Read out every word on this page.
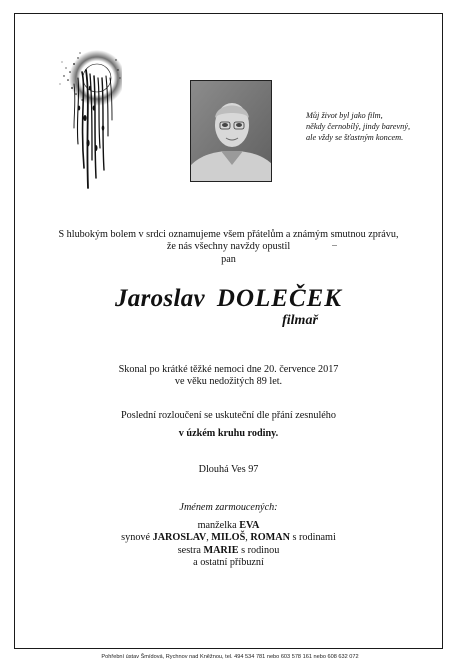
Můj život byl jako film,
někdy černobílý, jindy barevný,
ale vždy se šťastným koncem.
S hlubokým bolem v srdci oznamujeme všem přátelům a známým smutnou zprávu,
že nás všechny navždy opustil
pan
Jaroslav DOLEČEK
filmař
Skonal po krátké těžké nemoci dne 20. července 2017
ve věku nedožitých 89 let.
Poslední rozloučení se uskuteční dle přání zesnulého
v úzkém kruhu rodiny.
Dlouhá Ves 97
Jménem zarmoucených:
manželka EVA
synové JAROSLAV, MILOŠ, ROMAN s rodinami
sestra MARIE s rodinou
a ostatní příbuzní
Pohřební ústav Šmídová, Rychnov nad Kněžnou, tel. 494 534 781 nebo 603 578 161 nebo 608 632 072
